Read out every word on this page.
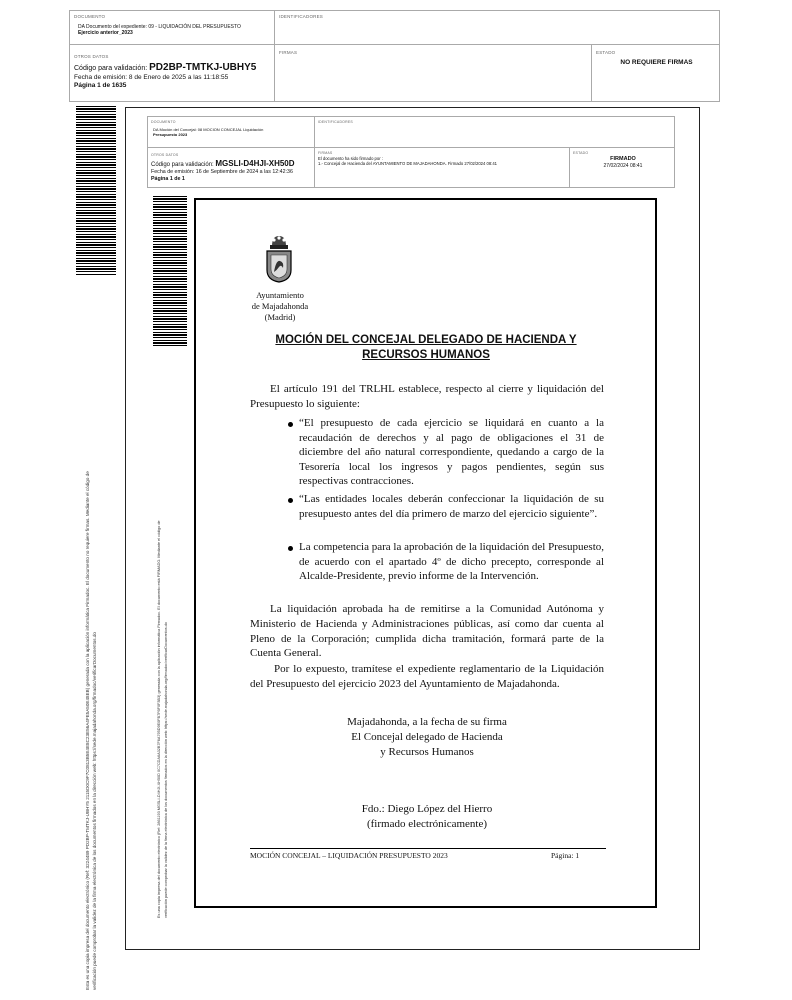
DOCUMENTO
DA Documento del expediente: 09 - LIQUIDACIÓN DEL PRESUPUESTO
Ejercicio anterior_2023
IDENTIFICADORES
OTROS DATOS
Código para validación: PD2BP-TMTKJ-UBHY5
Fecha de emisión: 8 de Enero de 2025 a las 11:18:55
Página 1 de 1635
FIRMAS	ESTADO
NO REQUIERE FIRMAS
Esta es una copia impresa del documento electrónico (Ref: 3224489 PD2BP-TMTKJ-UBHY5 2115D0C9F7C0813B5E4E8C23E56A4FE5A50E48EB) generada con la aplicación informática Firmadoc. El documento no requiere firmas. Mediante el código de verificación puede comprobar la validez de la firma electrónica de los documentos firmados en la dirección web: https://sede.majadahonda.org/firmadoc/verificarDocumentos.do
DOCUMENTO
DA Moción del Concejal: 08 MOCION CONCEJAL Liquidación
Presupuesto 2023
IDENTIFICADORES
OTROS DATOS
Código para validación: MGSLI-D4HJI-XH50D
Fecha de emisión: 16 de Septiembre de 2024 a las 12:42:36
Página 1 de 1
FIRMAS
El documento ha sido firmado por :
1.- Concejal de Hacienda del AYUNTAMIENTO DE MAJADAHONDA. Firmado 27/02/2024 08:41
ESTADO
FIRMADO
27/02/2024 08:41
Es una copia impresa del documento electrónico (Ref: 2861193 MGSLI-D4HJI-XH50D 0C7CDA6A32B7F6A795D9E0FB7F6F0F3B3) generada con la aplicación informática Firmadoc. El documento está FIRMADO. Mediante el código de verificación puede comprobar la validez de la firma electrónica de los documentos firmados en la dirección web: https://sede.majadahonda.org/firmadoc/verificarDocumentos.do
Ayuntamiento
de Majadahonda
(Madrid)
MOCIÓN DEL CONCEJAL DELEGADO DE HACIENDA Y
RECURSOS HUMANOS
El artículo 191 del TRLHL establece, respecto al cierre y liquidación del Presupuesto lo siguiente:
“El presupuesto de cada ejercicio se liquidará en cuanto a la recaudación de derechos y al pago de obligaciones el 31 de diciembre del año natural correspondiente, quedando a cargo de la Tesorería local los ingresos y pagos pendientes, según sus respectivas contracciones.
“Las entidades locales deberán confeccionar la liquidación de su presupuesto antes del día primero de marzo del ejercicio siguiente”.
La competencia para la aprobación de la liquidación del Presupuesto, de acuerdo con el apartado 4º de dicho precepto, corresponde al Alcalde-Presidente, previo informe de la Intervención.
La liquidación aprobada ha de remitirse a la Comunidad Autónoma y Ministerio de Hacienda y Administraciones públicas, así como dar cuenta al Pleno de la Corporación; cumplida dicha tramitación, formará parte de la Cuenta General.
Por lo expuesto, tramítese el expediente reglamentario de la Liquidación del Presupuesto del ejercicio 2023 del Ayuntamiento de Majadahonda.
Majadahonda, a la fecha de su firma
El Concejal delegado de Hacienda
y Recursos Humanos
Fdo.: Diego López del Hierro
(firmado electrónicamente)
MOCIÓN CONCEJAL – LIQUIDACIÓN PRESUPUESTO 2023	Página: 1
